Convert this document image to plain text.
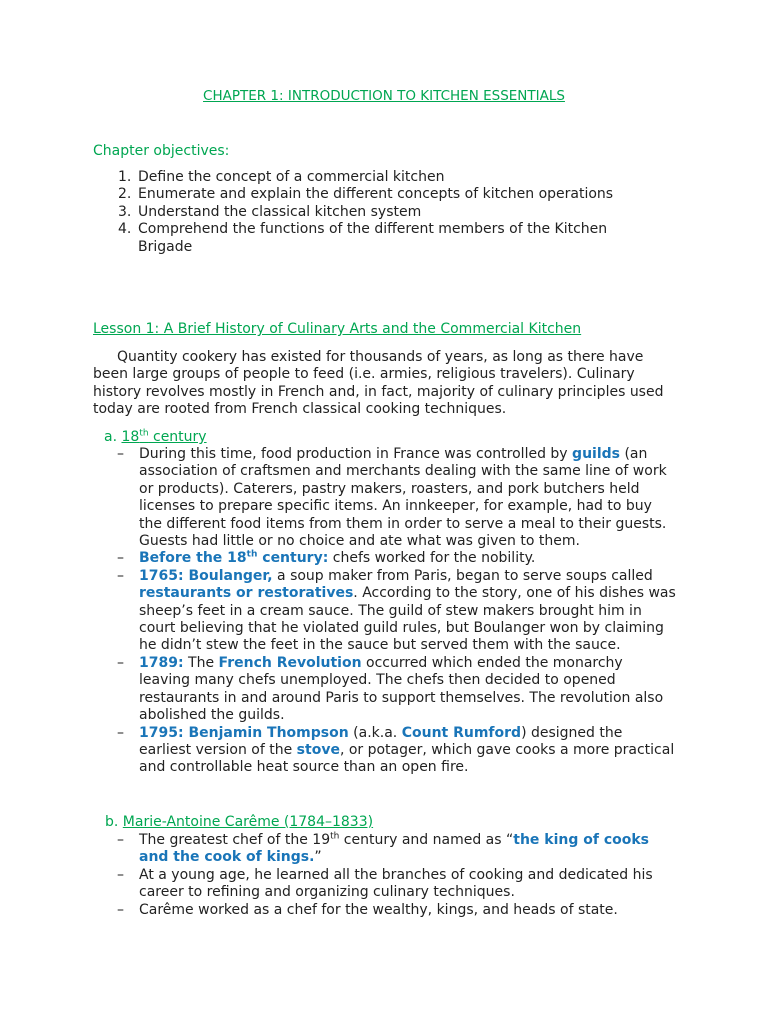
CHAPTER 1: INTRODUCTION TO KITCHEN ESSENTIALS
Chapter objectives:
1. Define the concept of a commercial kitchen
2. Enumerate and explain the different concepts of kitchen operations
3. Understand the classical kitchen system
4. Comprehend the functions of the different members of the Kitchen Brigade
Lesson 1: A Brief History of Culinary Arts and the Commercial Kitchen

Quantity cookery has existed for thousands of years, as long as there have been large groups of people to feed (i.e. armies, religious travelers). Culinary history revolves mostly in French and, in fact, majority of culinary principles used today are rooted from French classical cooking techniques.

a. 18th century
– During this time, food production in France was controlled by guilds (an association of craftsmen and merchants dealing with the same line of work or products). Caterers, pastry makers, roasters, and pork butchers held licenses to prepare specific items. An innkeeper, for example, had to buy the different food items from them in order to serve a meal to their guests. Guests had little or no choice and ate what was given to them.
– Before the 18th century: chefs worked for the nobility.
– 1765: Boulanger, a soup maker from Paris, began to serve soups called restaurants or restoratives. According to the story, one of his dishes was sheep’s feet in a cream sauce. The guild of stew makers brought him in court believing that he violated guild rules, but Boulanger won by claiming he didn’t stew the feet in the sauce but served them with the sauce.
– 1789: The French Revolution occurred which ended the monarchy leaving many chefs unemployed. The chefs then decided to opened restaurants in and around Paris to support themselves. The revolution also abolished the guilds.
– 1795: Benjamin Thompson (a.k.a. Count Rumford) designed the earliest version of the stove, or potager, which gave cooks a more practical and controllable heat source than an open fire.
b. Marie-Antoine Carême (1784–1833)
– The greatest chef of the 19th century and named as “the king of cooks and the cook of kings.”
– At a young age, he learned all the branches of cooking and dedicated his career to refining and organizing culinary techniques.
– Carême worked as a chef for the wealthy, kings, and heads of state.
